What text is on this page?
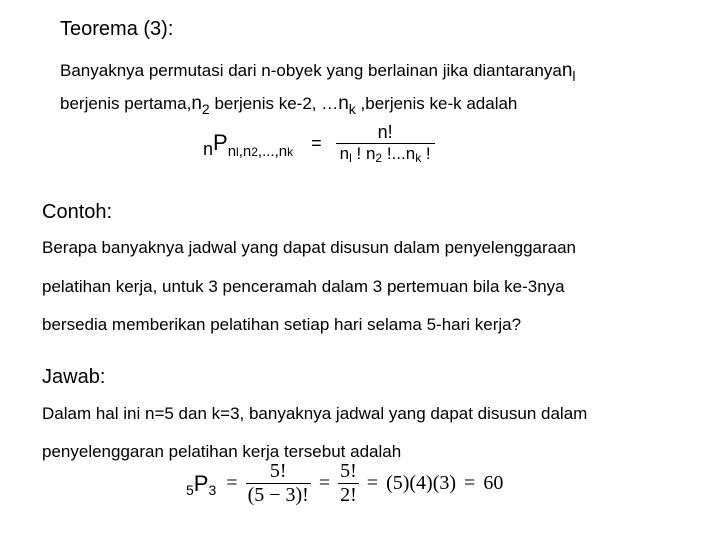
Teorema (3):
Banyaknya permutasi dari n-obyek yang berlainan jika diantaranyan$_l$
berjenis $pertama,n_2$ berjenis ke-2, $\dots n_k$ ,berjenis ke-k adalah
n P $nl,n2,...,nk = \frac{n!}{nl ! n2 !...nk !}$
Contoh:
Berapa banyaknya jadwal yang dapat disusun dalam penyelenggaraan
pelatihan kerja, untuk 3 penceramah dalam 3 pertemuan bila ke-3nya
bersedia memberikan pelatihan setiap hari selama 5-hari kerja?
Jawab:
Dalam hal ini n=5 dan k=3, banyaknya jadwal yang dapat disusun dalam
penyelenggaran pelatihan kerja tersebut adalah
5 P $3 = \frac{5!}{(5 - 3)!} = \frac{5!}{2!} = (5)(4)(3) = 60$
